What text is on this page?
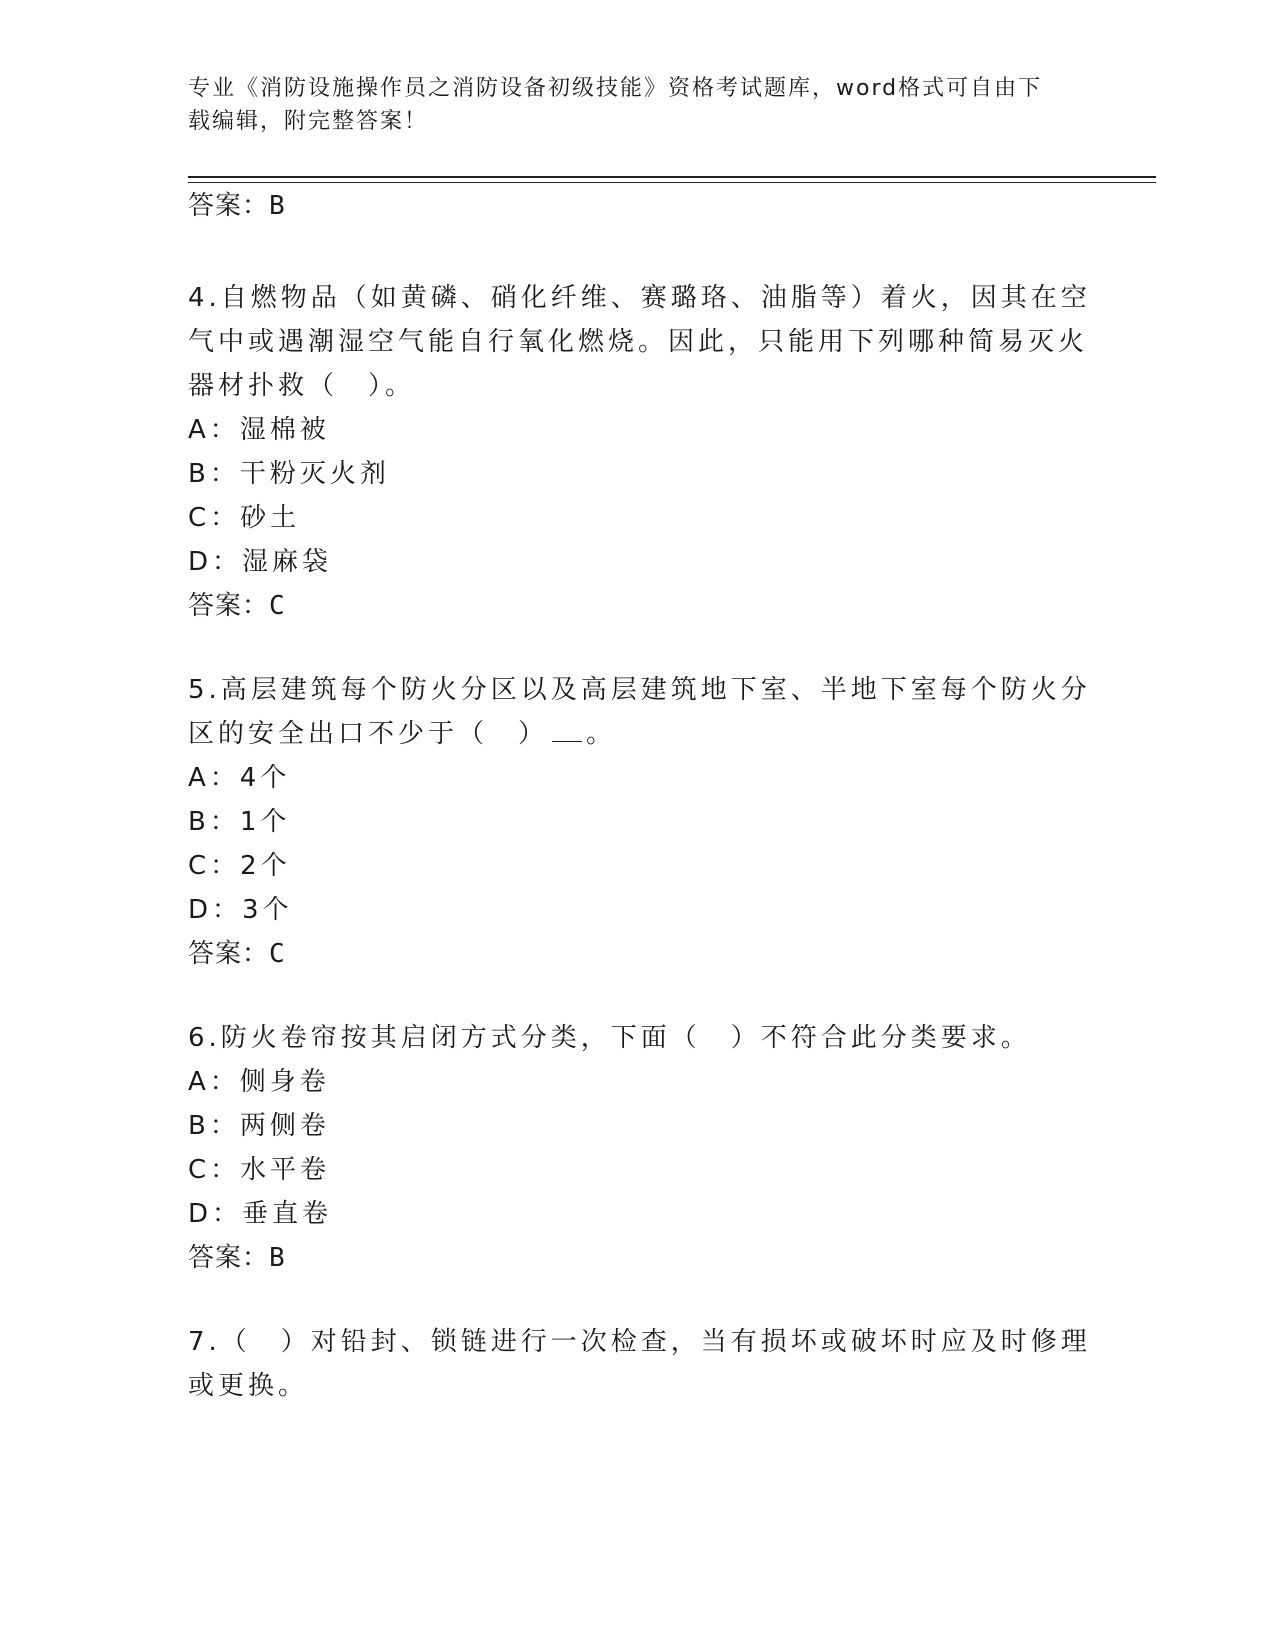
专业《消防设施操作员之消防设备初级技能》资格考试题库，word格式可自由下
载编辑，附完整答案！
答案：B
4.自燃物品（如黄磷、硝化纤维、赛璐珞、油脂等）着火，因其在空
气中或遇潮湿空气能自行氧化燃烧。因此，只能用下列哪种简易灭火
器材扑救（　）。
A：湿棉被
B：干粉灭火剂
C：砂土
D：湿麻袋
答案：C
5.高层建筑每个防火分区以及高层建筑地下室、半地下室每个防火分
区的安全出口不少于（　） 。
A：4个
B：1个
C：2个
D：3个
答案：C
6.防火卷帘按其启闭方式分类，下面（　）不符合此分类要求。
A：侧身卷
B：两侧卷
C：水平卷
D：垂直卷
答案：B
7.（　）对铅封、锁链进行一次检查，当有损坏或破坏时应及时修理
或更换。
